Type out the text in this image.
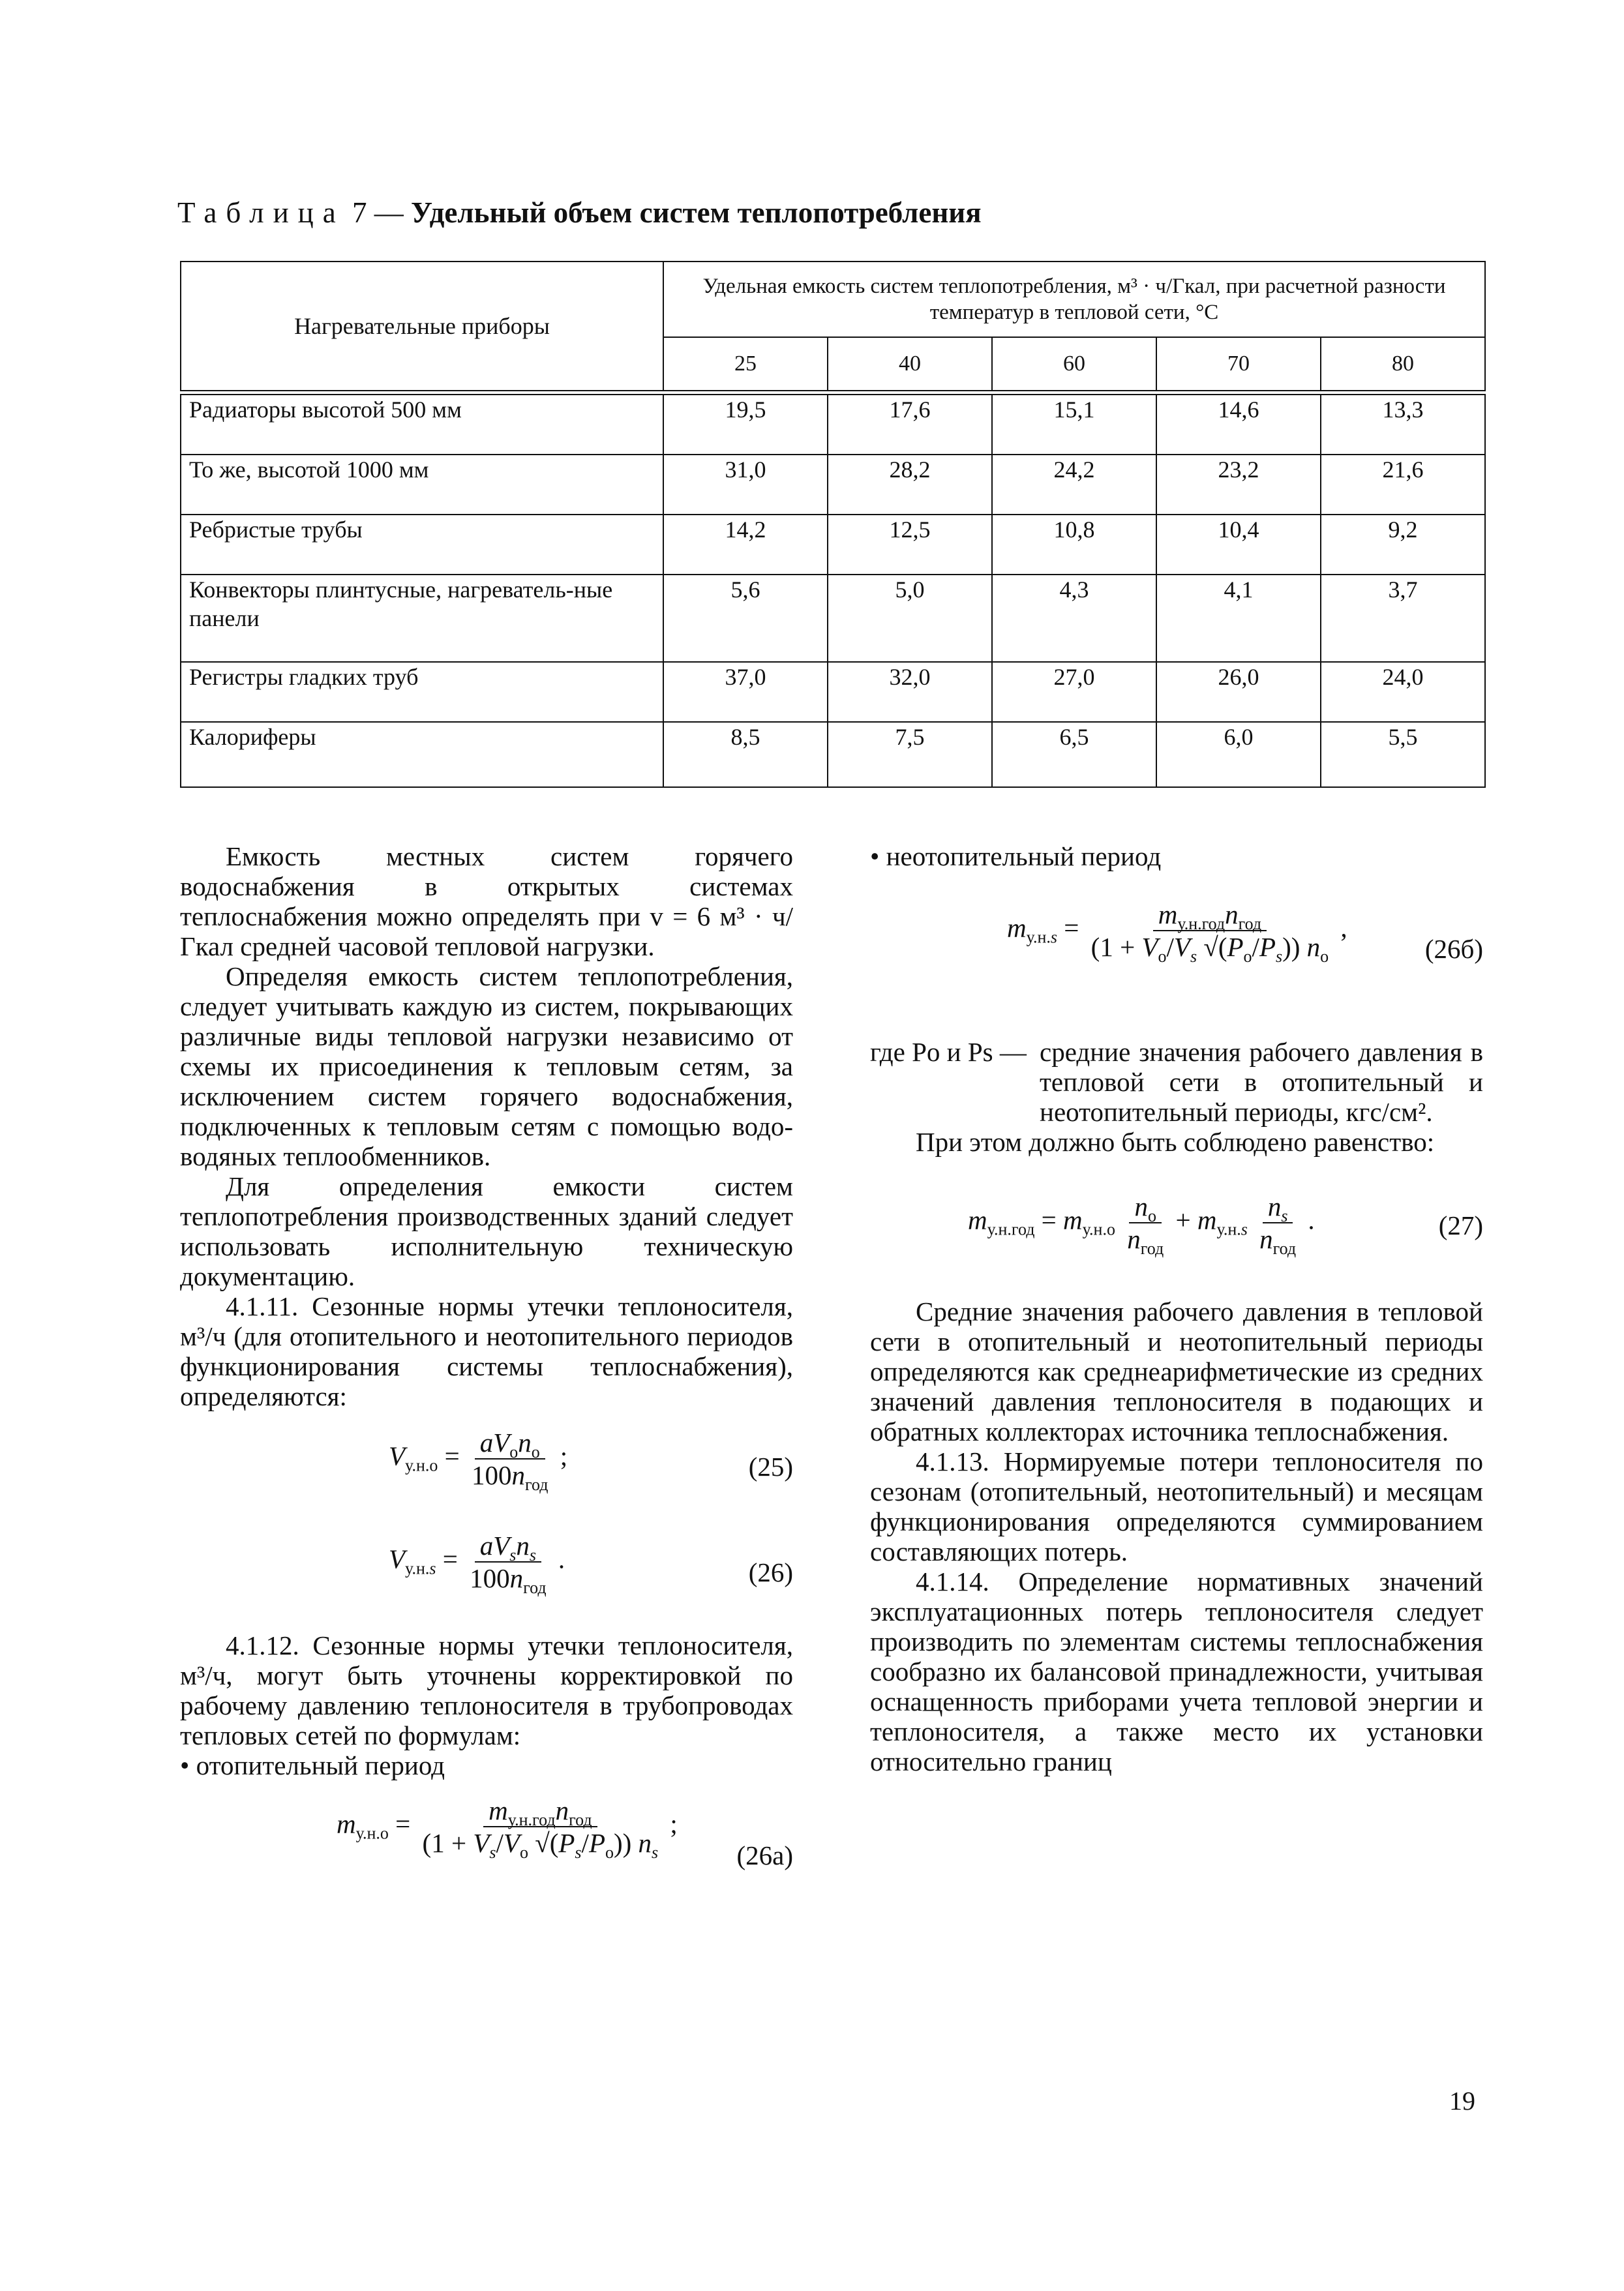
Таблица 7 — Удельный объем систем теплопотребления
Нагревательные приборы	Удельная емкость систем теплопотребления, м³ · ч/Гкал, при расчетной разности температур в тепловой сети, °С				
	25	40	60	70	80

Радиаторы высотой 500 мм	19,5	17,6	15,1	14,6	13,3
То же, высотой 1000 мм	31,0	28,2	24,2	23,2	21,6
Ребристые трубы	14,2	12,5	10,8	10,4	9,2
Конвекторы плинтусные, нагреватель-ные панели	5,6	5,0	4,3	4,1	3,7
Регистры гладких труб	37,0	32,0	27,0	26,0	24,0
Калориферы	8,5	7,5	6,5	6,0	5,5

Емкость местных систем горячего водоснабжения в открытых системах теплоснабжения можно определять при v = 6 м³ · ч/Гкал средней часовой тепловой нагрузки.

Определяя емкость систем теплопотребления, следует учитывать каждую из систем, покрывающих различные виды тепловой нагрузки независимо от схемы их присоединения к тепловым сетям, за исключением систем горячего водоснабжения, подключенных к тепловым сетям с помощью водо-водяных теплообменников.

Для определения емкости систем теплопотребления производственных зданий следует использовать исполнительную техническую документацию.

4.1.11. Сезонные нормы утечки теплоносителя, м³/ч (для отопительного и неотопительного периодов функционирования системы теплоснабжения), определяются:

$V_{у.н.о} = \frac{aV_оn_о}{100n_{год}}$ ;	(25)
$V_{у.н.s} = \frac{aV_sn_s}{100n_{год}}$ .	(26)

4.1.12. Сезонные нормы утечки теплоносителя, м³/ч, могут быть уточнены корректировкой по рабочему давлению теплоносителя в трубопроводах тепловых сетей по формулам:

• отопительный период

$m_{у.н.о} = \frac{m_{у.н.год}n_{год}}{(1 + V_s/V_о √(P_s/P_о)) n_s}$ ;
(26а)

• неотопительный период

$m_{у.н.s} = \frac{m_{у.н.год}n_{год}}{(1 + V_о/V_s √(P_о/P_s)) n_о}$ ,
(26б)
где Pо и Ps — средние значения рабочего давления в тепловой сети в отопительный и неотопительный периоды, кгс/см².

При этом должно быть соблюдено равенство:

$m_{у.н.год} = m_{у.н.о} \frac{n_о}{n_{год}} + m_{у.н.s} \frac{n_s}{n_{год}}$ .	(27)

Средние значения рабочего давления в тепловой сети в отопительный и неотопительный периоды определяются как среднеарифметические из средних значений давления теплоносителя в подающих и обратных коллекторах источника теплоснабжения.

4.1.13. Нормируемые потери теплоносителя по сезонам (отопительный, неотопительный) и месяцам функционирования определяются суммированием составляющих потерь.

4.1.14. Определение нормативных значений эксплуатационных потерь теплоносителя следует производить по элементам системы теплоснабжения сообразно их балансовой принадлежности, учитывая оснащенность приборами учета тепловой энергии и теплоносителя, а также место их установки относительно границ

19
